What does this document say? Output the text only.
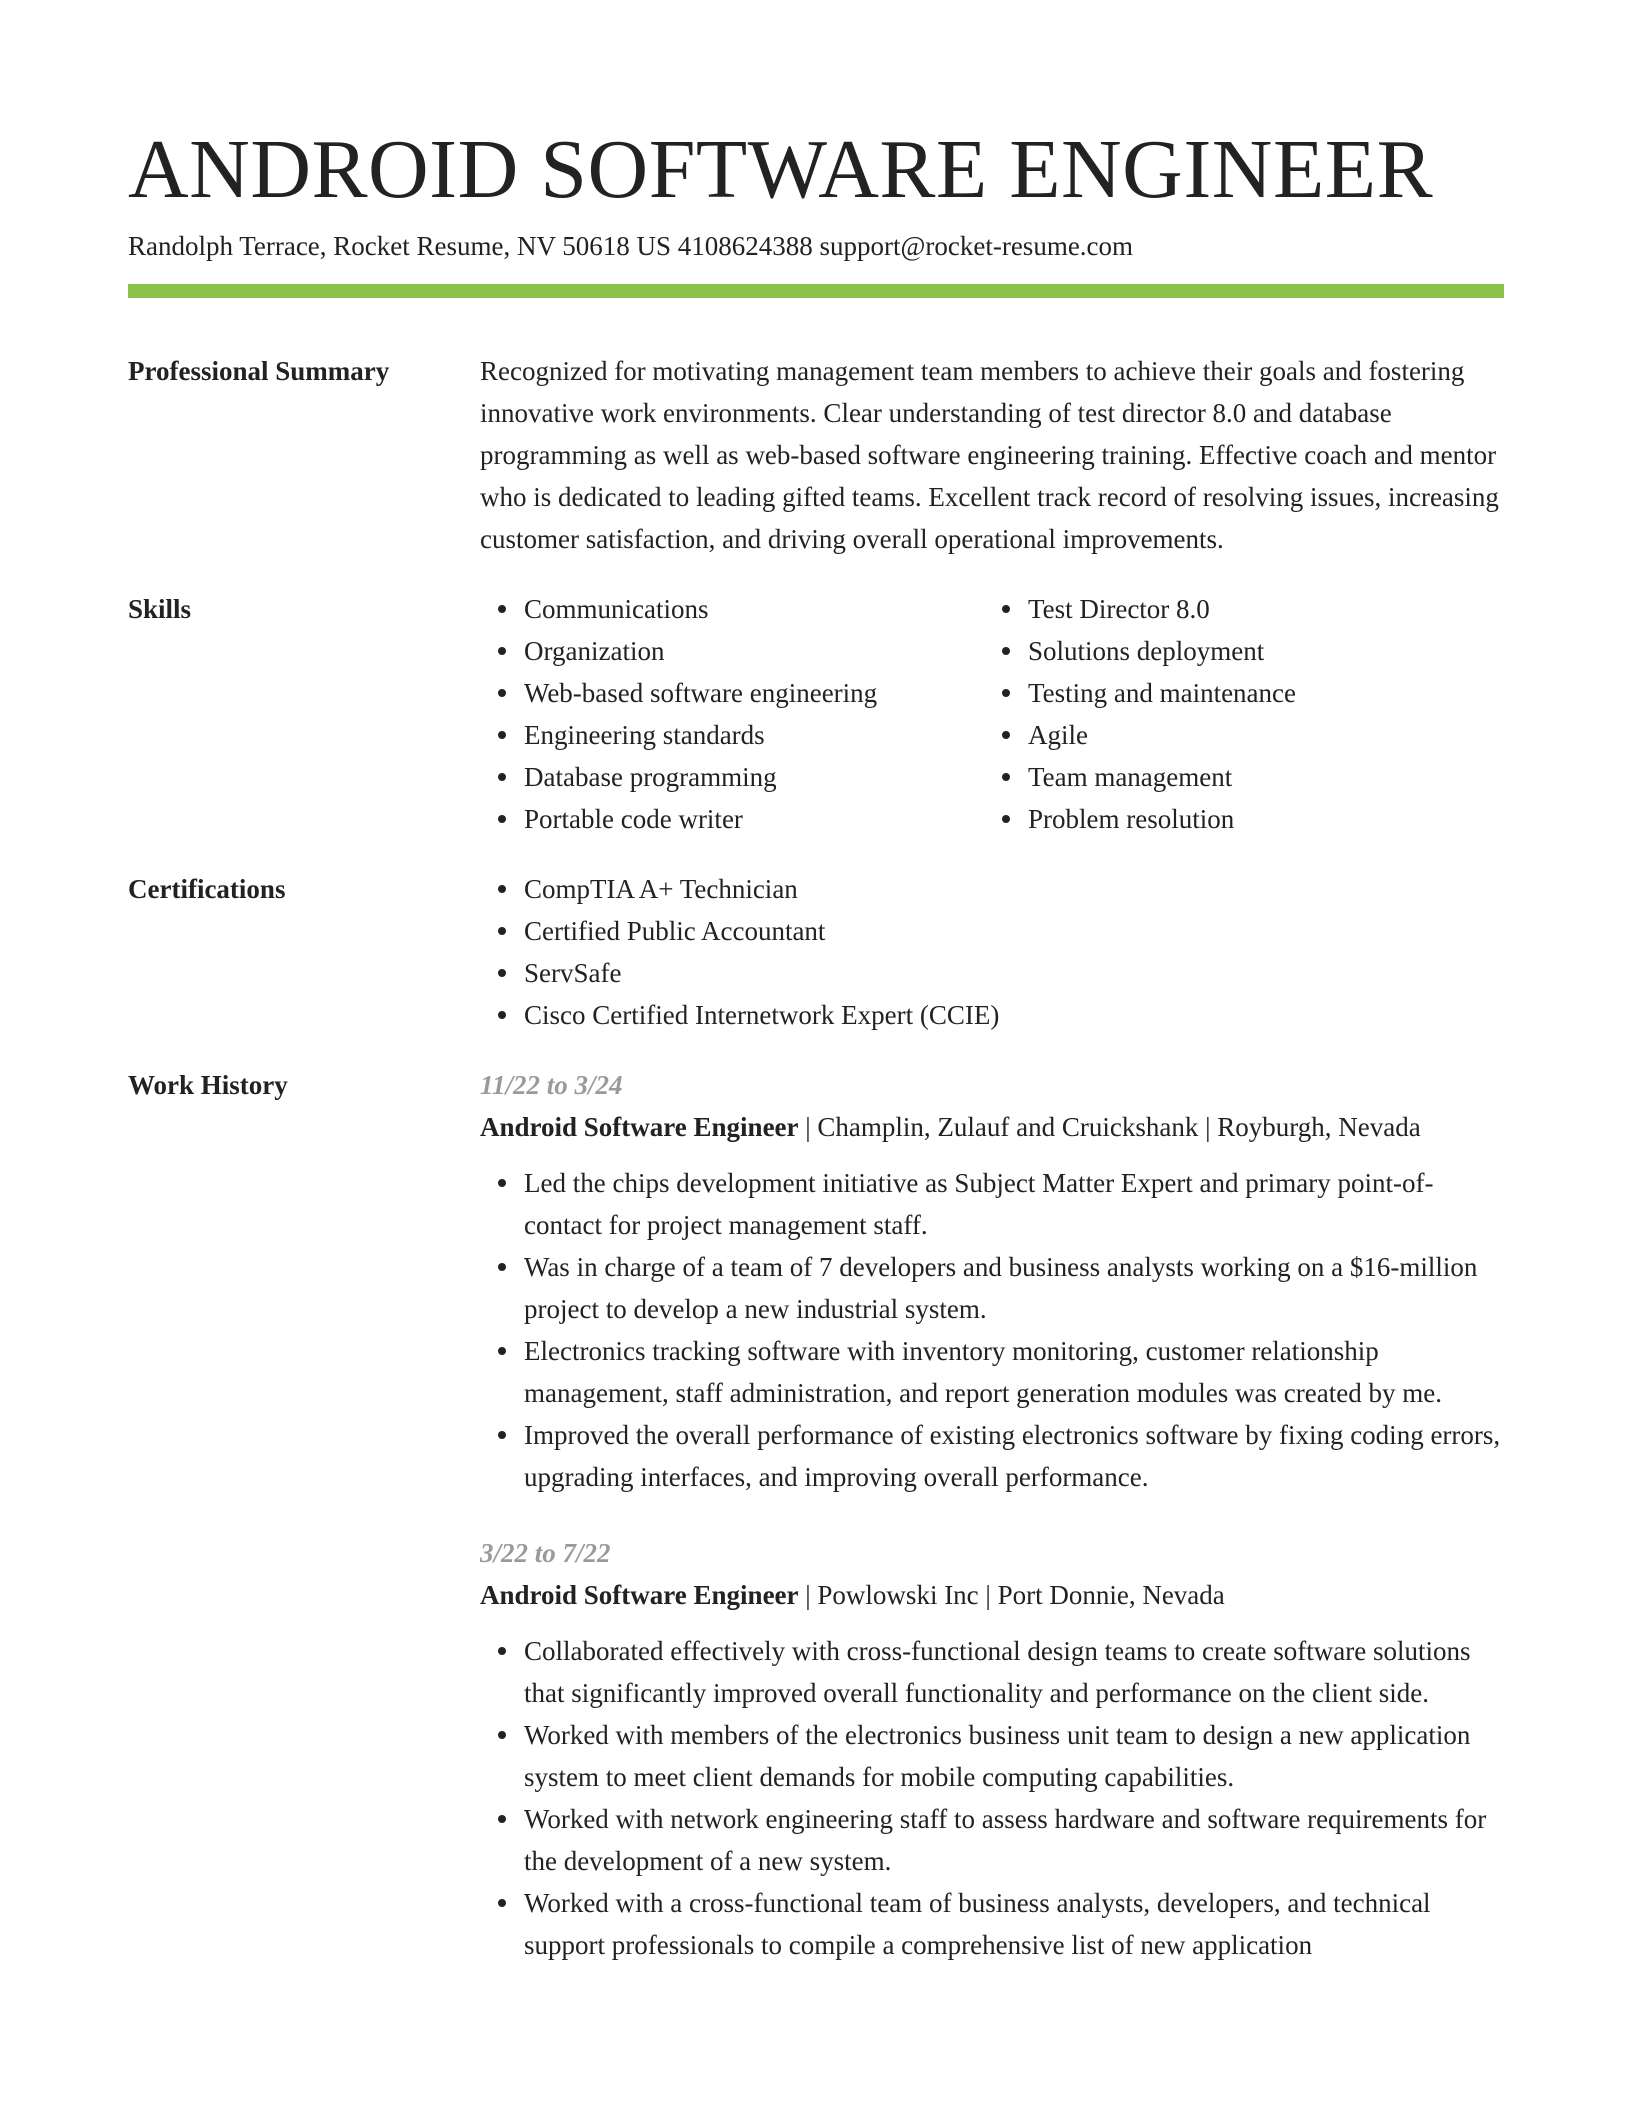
ANDROID SOFTWARE ENGINEER
Randolph Terrace, Rocket Resume, NV 50618 US 4108624388 support@rocket-resume.com
Professional Summary	Recognized for motivating management team members to achieve their goals and fostering innovative work environments. Clear understanding of test director 8.0 and database programming as well as web-based software engineering training. Effective coach and mentor who is dedicated to leading gifted teams. Excellent track record of resolving issues, increasing customer satisfaction, and driving overall operational improvements.

Skills	Communications
Organization
Web-based software engineering
Engineering standards
Database programming
Portable code writer
Test Director 8.0
Solutions deployment
Testing and maintenance
Agile
Team management
Problem resolution
Certifications	CompTIA A+ Technician
Certified Public Accountant
ServSafe
Cisco Certified Internetwork Expert (CCIE)
Work History	11/22 to 3/24
Android Software Engineer | Champlin, Zulauf and Cruickshank | Royburgh, Nevada
Led the chips development initiative as Subject Matter Expert and primary point-of-contact for project management staff.
Was in charge of a team of 7 developers and business analysts working on a $16-million project to develop a new industrial system.
Electronics tracking software with inventory monitoring, customer relationship management, staff administration, and report generation modules was created by me.
Improved the overall performance of existing electronics software by fixing coding errors, upgrading interfaces, and improving overall performance.
3/22 to 7/22
Android Software Engineer | Powlowski Inc | Port Donnie, Nevada
Collaborated effectively with cross-functional design teams to create software solutions that significantly improved overall functionality and performance on the client side.
Worked with members of the electronics business unit team to design a new application system to meet client demands for mobile computing capabilities.
Worked with network engineering staff to assess hardware and software requirements for the development of a new system.
Worked with a cross-functional team of business analysts, developers, and technical support professionals to compile a comprehensive list of new application
